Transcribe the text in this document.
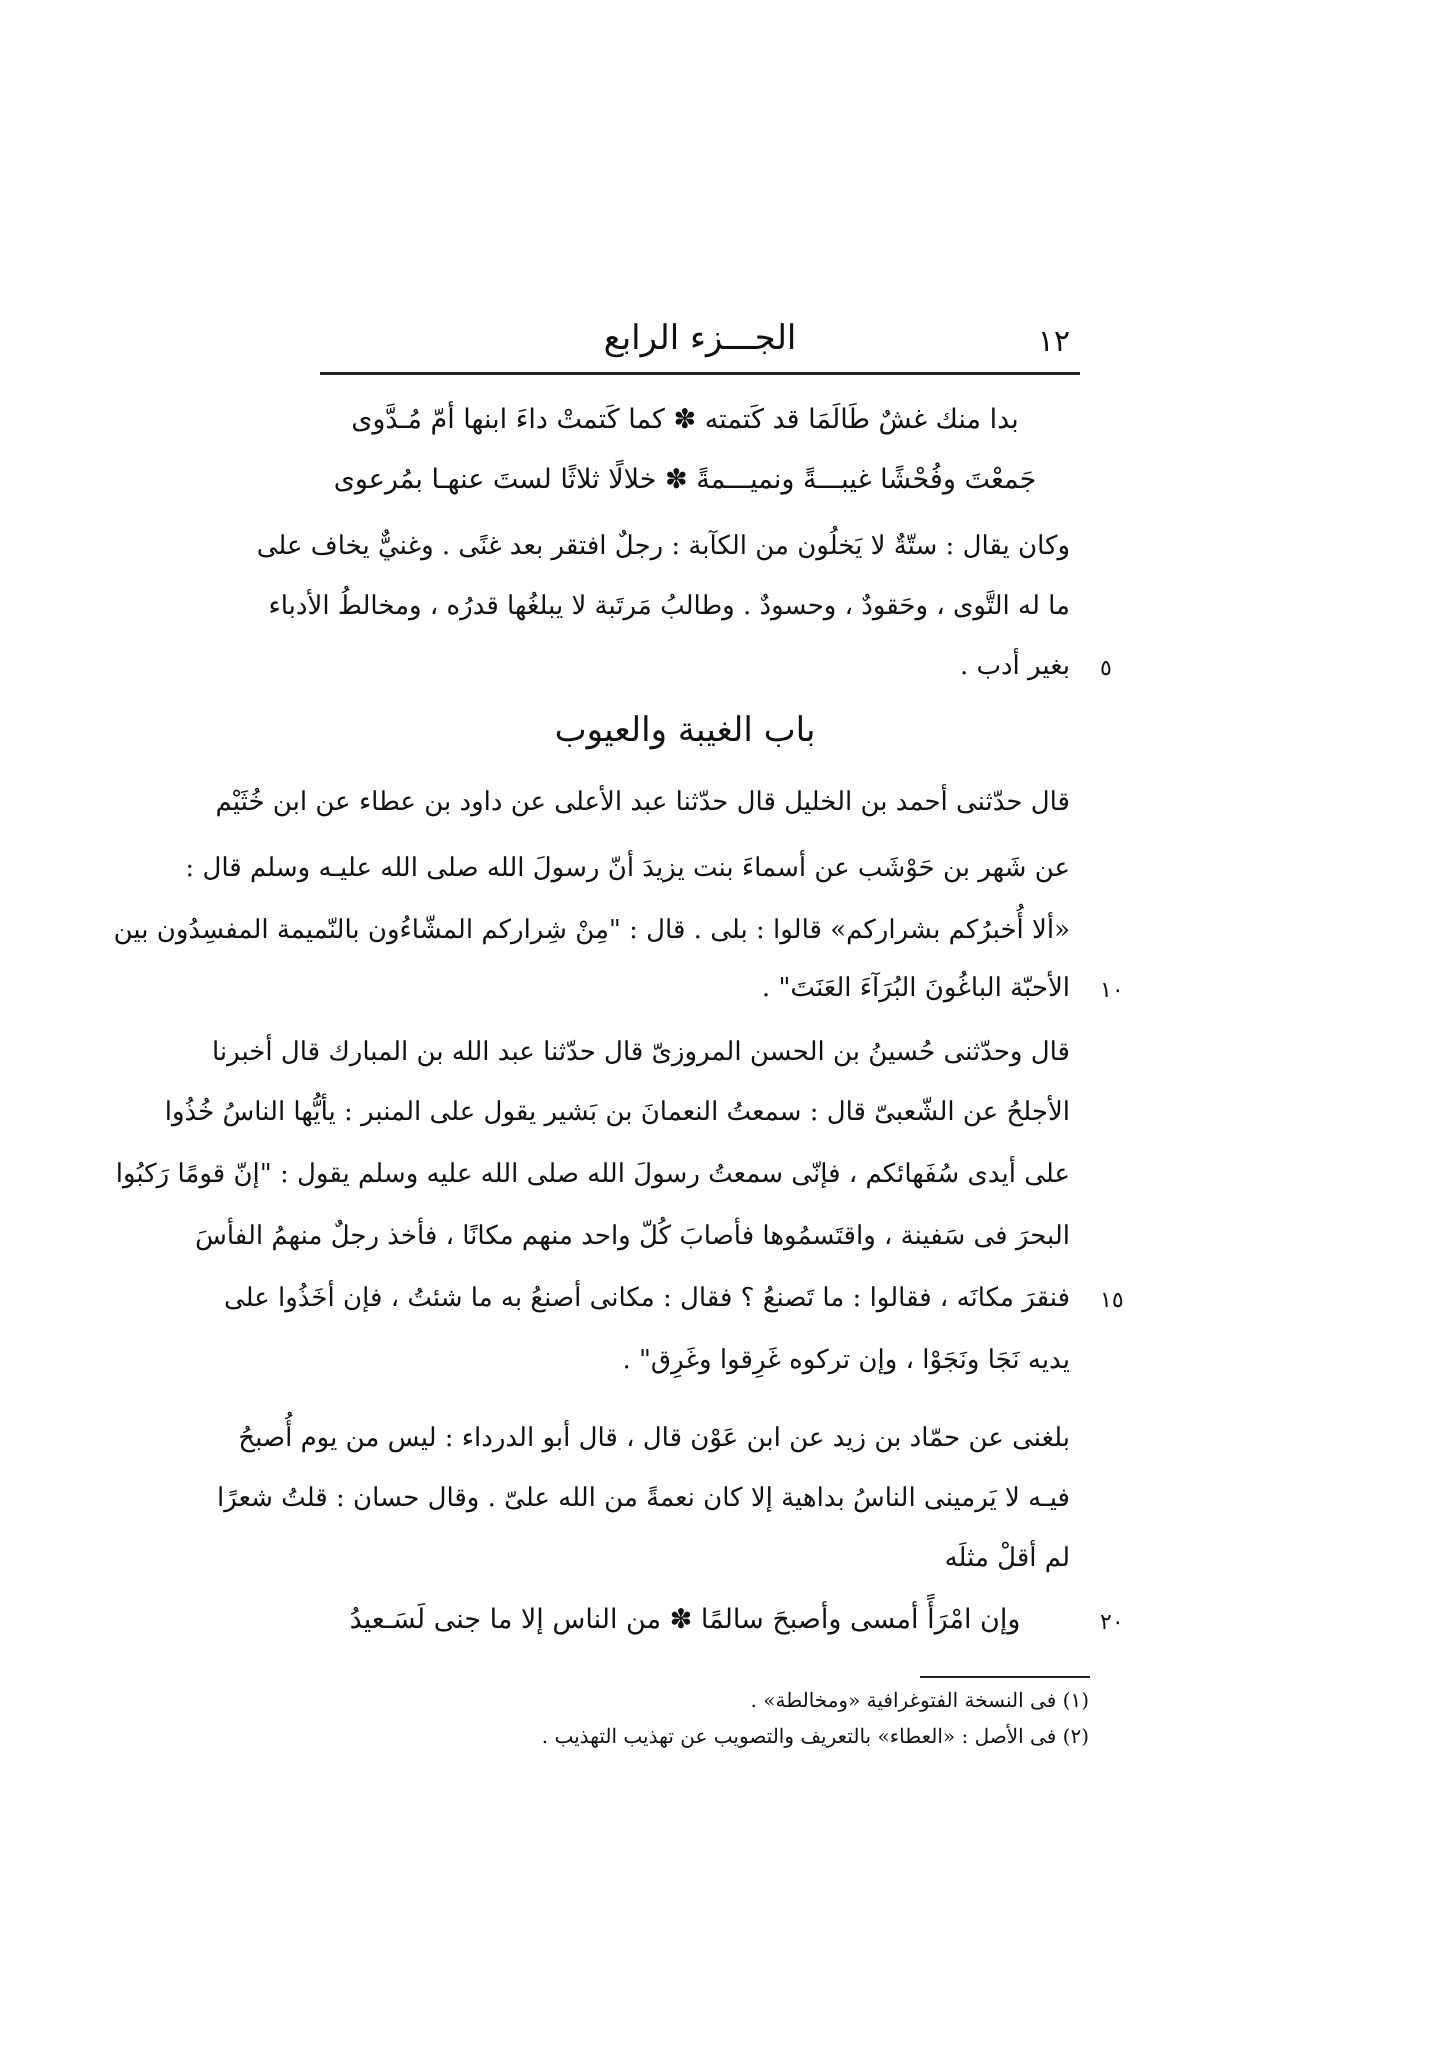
الجـــزء الرابع	١٢
بدا منك غشٌ طَالَمَا قد كَتمته ✽ كما كَتمتْ داءَ ابنها أمّ مُـدَّوى
جَمعْتَ وفُحْشًا غيبـــةً ونميـــمةً ✽ خلالًا ثلاثًا لستَ عنهـا بمُرعوى
وكان يقال : ستّةٌ لا يَخلُون من الكآبة : رجلٌ افتقر بعد غنًى . وغنيٌّ يخاف على
ما له التَّوى ، وحَقودٌ ، وحسودٌ . وطالبُ مَرتَبة لا يبلغُها قدرُه ، ومخالطُ الأدباء
بغير أدب .
باب الغيبة والعيوب
قال حدّثنى أحمد بن الخليل قال حدّثنا عبد الأعلى عن داود بن عطاء عن ابن خُثَيْم
عن شَهر بن حَوْشَب عن أسماءَ بنت يزيدَ أنّ رسولَ الله صلى الله عليـه وسلم قال :
«ألا أُخبرُكم بشراركم» قالوا : بلى . قال : "مِنْ شِراركم المشّاءُون بالنّميمة المفسِدُون بين
الأحبّة الباغُونَ البُرَآءَ العَنَتَ" .
قال وحدّثنى حُسينُ بن الحسن المروزىّ قال حدّثنا عبد الله بن المبارك قال أخبرنا
الأجلحُ عن الشّعبىّ قال : سمعتُ النعمانَ بن بَشير يقول على المنبر : يأيُّها الناسُ خُذُوا
على أيدى سُفَهائكم ، فإنّى سمعتُ رسولَ الله صلى الله عليه وسلم يقول : "إنّ قومًا رَكبُوا
البحرَ فى سَفينة ، واقتَسمُوها فأصابَ كُلّ واحد منهم مكانًا ، فأخذ رجلٌ منهمُ الفأسَ
فنقرَ مكانَه ، فقالوا : ما تَصنعُ ؟ فقال : مكانى أصنعُ به ما شئتُ ، فإن أخَذُوا على
يديه نَجَا ونَجَوْا ، وإن تركوه غَرِقوا وغَرِق" .
بلغنى عن حمّاد بن زيد عن ابن عَوْن قال ، قال أبو الدرداء : ليس من يوم أُصبحُ
فيـه لا يَرمينى الناسُ بداهية إلا كان نعمةً من الله علىّ . وقال حسان : قلتُ شعرًا
لم أقلْ مثلَه
وإن امْرَأً أمسى وأصبحَ سالمًا ✽ من الناس إلا ما جنى لَسَـعيدُ
٥
١٠
١٥
٢٠
(١) فى النسخة الفتوغرافية «ومخالطة» .
(٢) فى الأصل : «العطاء» بالتعريف والتصويب عن تهذيب التهذيب .
